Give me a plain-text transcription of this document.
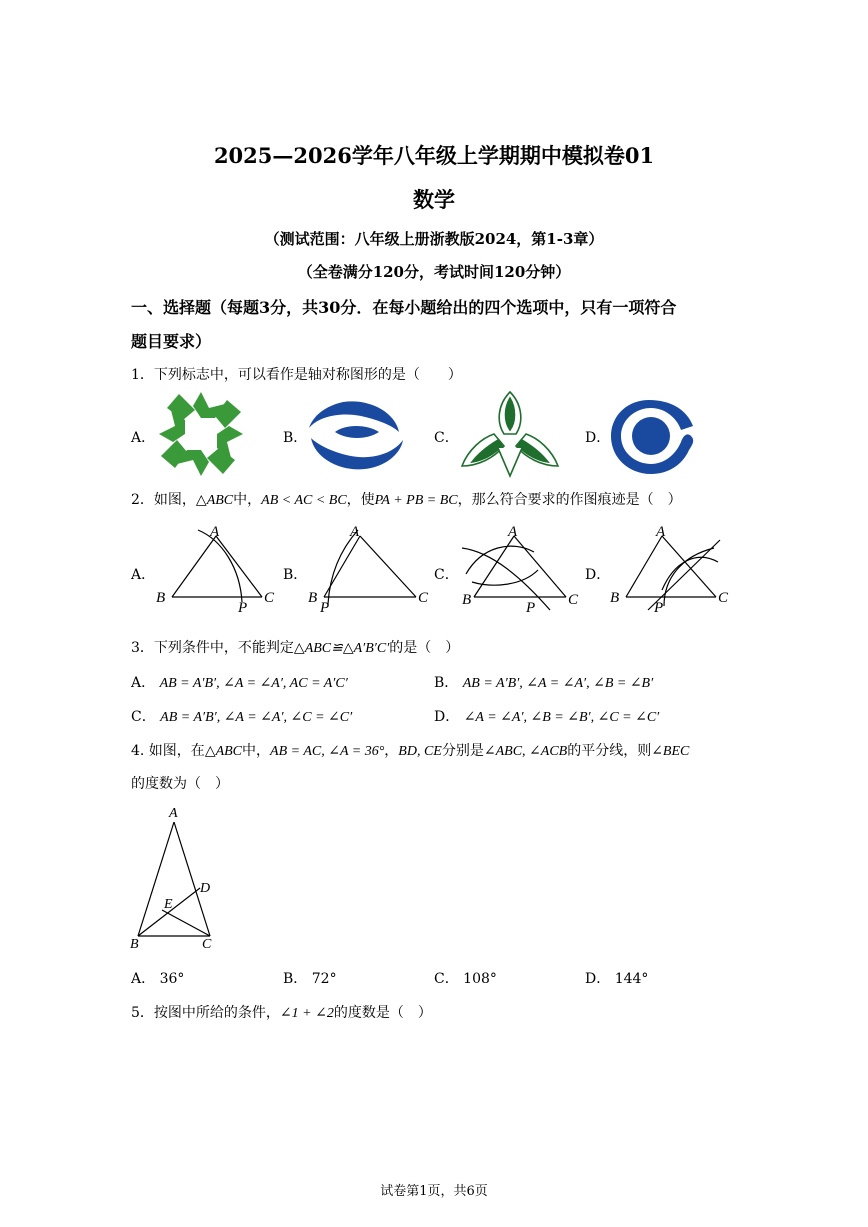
2025—2026学年八年级上学期期中模拟卷01
数学
（测试范围：八年级上册浙教版2024，第1-3章）
（全卷满分120分，考试时间120分钟）
一、选择题（每题3分，共30分．在每小题给出的四个选项中，只有一项符合
题目要求）
1．下列标志中，可以看作是轴对称图形的是（　　）
A．	B．	C．	D．
2．如图，△ABC中，AB < AC < BC，使PA + PB = BC，那么符合要求的作图痕迹是（　）
A．
A
B	C
P
B．
A
B	C
P
C．
A
B	C
P
D．
A
B	C
P
3．下列条件中，不能判定△ABC≌△A′B′C′的是（　）
A． AB = A′B′, ∠A = ∠A′, AC = A′C′	B． AB = A′B′, ∠A = ∠A′, ∠B = ∠B′
C． AB = A′B′, ∠A = ∠A′, ∠C = ∠C′	D． ∠A = ∠A′, ∠B = ∠B′, ∠C = ∠C′
4. 如图，在△ABC中，AB = AC, ∠A = 36°，BD, CE分别是∠ABC, ∠ACB的平分线，则∠BEC
的度数为（　）
A
B	C
D
E
A． 36°	B． 72°	C． 108°	D． 144°
5．按图中所给的条件，∠1 + ∠2的度数是（　）
试卷第1页，共6页
